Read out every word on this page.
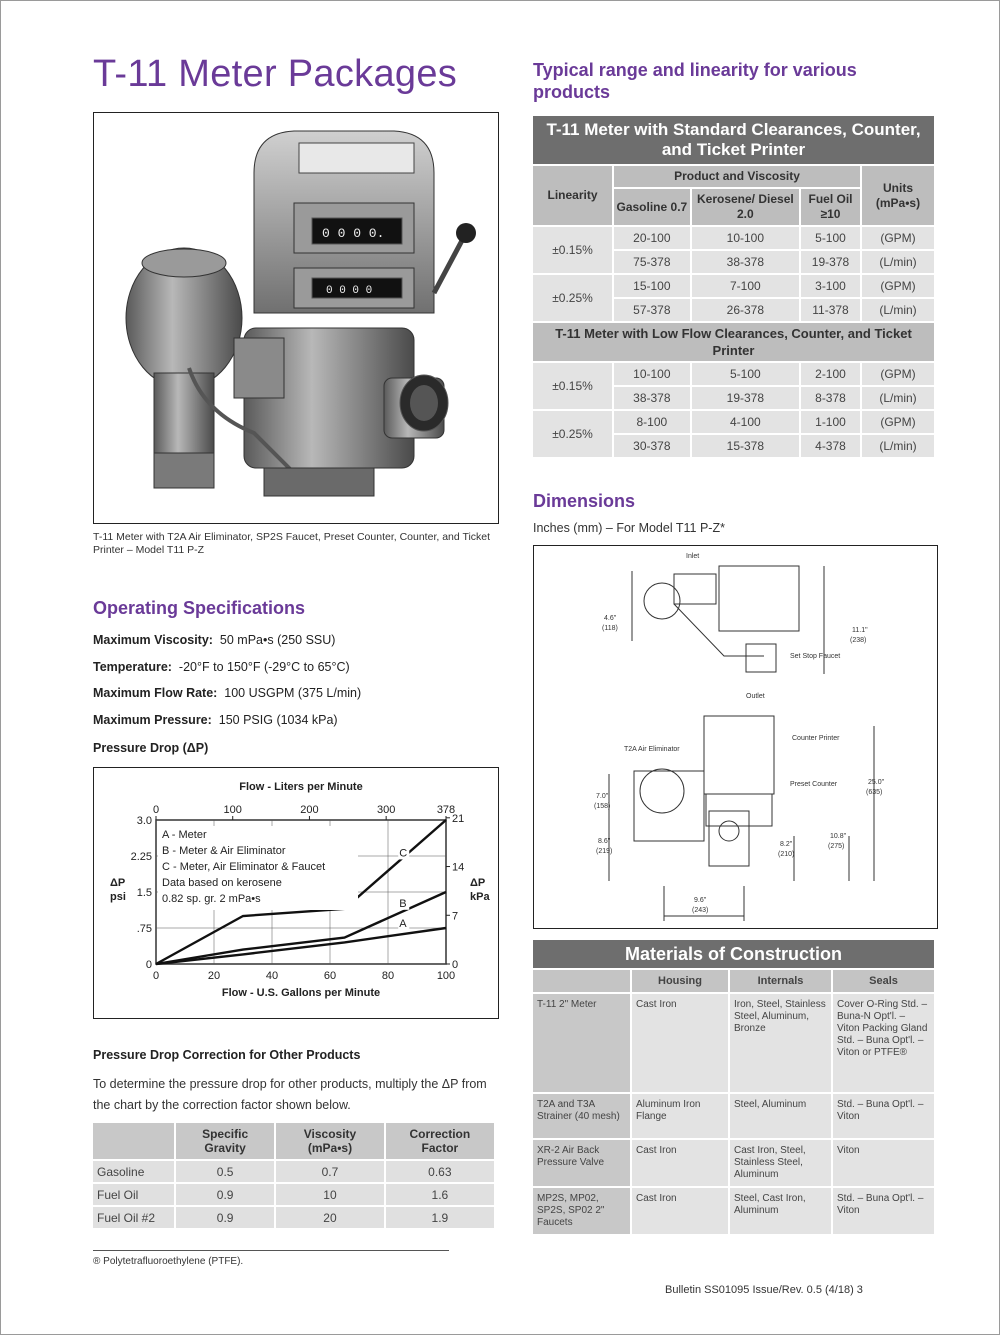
T-11 Meter Packages
0 0 0 0.
0 0 0 0
T-11 Meter with T2A Air Eliminator, SP2S Faucet, Preset Counter, Counter, and Ticket Printer – Model T11 P-Z
Operating Specifications
Maximum Viscosity: 50 mPa•s (250 SSU)
Temperature: -20°F to 150°F (-29°C to 65°C)
Maximum Flow Rate: 100 USGPM (375 L/min)
Maximum Pressure: 150 PSIG (1034 kPa)
Pressure Drop (ΔP)
0
.75
1.5
2.25
3.0
0	20	40	60	80	100
0	100	200	300	378
0
7
14
21
Flow - Liters per Minute
Flow - U.S. Gallons per Minute
ΔP
psi
ΔP
kPa
A
B
C
A - Meter
B - Meter & Air Eliminator
C - Meter, Air Eliminator & Faucet
Data based on kerosene
0.82 sp. gr. 2 mPa•s
Pressure Drop Correction for Other Products
To determine the pressure drop for other products, multiply the ΔP from the chart by the correction factor shown below.
	Specific Gravity	Viscosity (mPa•s)	Correction Factor
Gasoline	0.5	0.7	0.63
Fuel Oil	0.9	10	1.6
Fuel Oil #2	0.9	20	1.9
® Polytetrafluoroethylene (PTFE).
Typical range and linearity for various products
T-11 Meter with Standard Clearances, Counter, and Ticket Printer				
Linearity	Product and Viscosity			Units (mPa•s)
	Gasoline 0.7	Kerosene/ Diesel 2.0	Fuel Oil ≥10	
±0.15%	20-100	10-100	5-100	(GPM)
	75-378	38-378	19-378	(L/min)
±0.25%	15-100	7-100	3-100	(GPM)
	57-378	26-378	11-378	(L/min)
T-11 Meter with Low Flow Clearances, Counter, and Ticket Printer				
±0.15%	10-100	5-100	2-100	(GPM)
	38-378	19-378	8-378	(L/min)
±0.25%	8-100	4-100	1-100	(GPM)
	30-378	15-378	4-378	(L/min)
Dimensions
Inches (mm) – For Model T11 P-Z*
Inlet
4.6"
(118)	11.1"
(238)
Set Stop Faucet
Outlet
Counter Printer
T2A Air Eliminator
Preset Counter
7.0"
(158)
25.0"
(635)
8.6"
(219)
8.2"
(210)
10.8"
(275)
9.6"
(243)
Materials of Construction			
	Housing	Internals	Seals
T-11 2" Meter	Cast Iron	Iron, Steel, Stainless Steel, Aluminum, Bronze	Cover O-Ring Std. – Buna-N Opt'l. – Viton Packing Gland Std. – Buna Opt'l. – Viton or PTFE®
T2A and T3A Strainer (40 mesh)	Aluminum Iron Flange	Steel, Aluminum	Std. – Buna Opt'l. – Viton
XR-2 Air Back Pressure Valve	Cast Iron	Cast Iron, Steel, Stainless Steel, Aluminum	Viton
MP2S, MP02, SP2S, SP02 2" Faucets	Cast Iron	Steel, Cast Iron, Aluminum	Std. – Buna Opt'l. – Viton
Bulletin SS01095 Issue/Rev. 0.5 (4/18) 3
